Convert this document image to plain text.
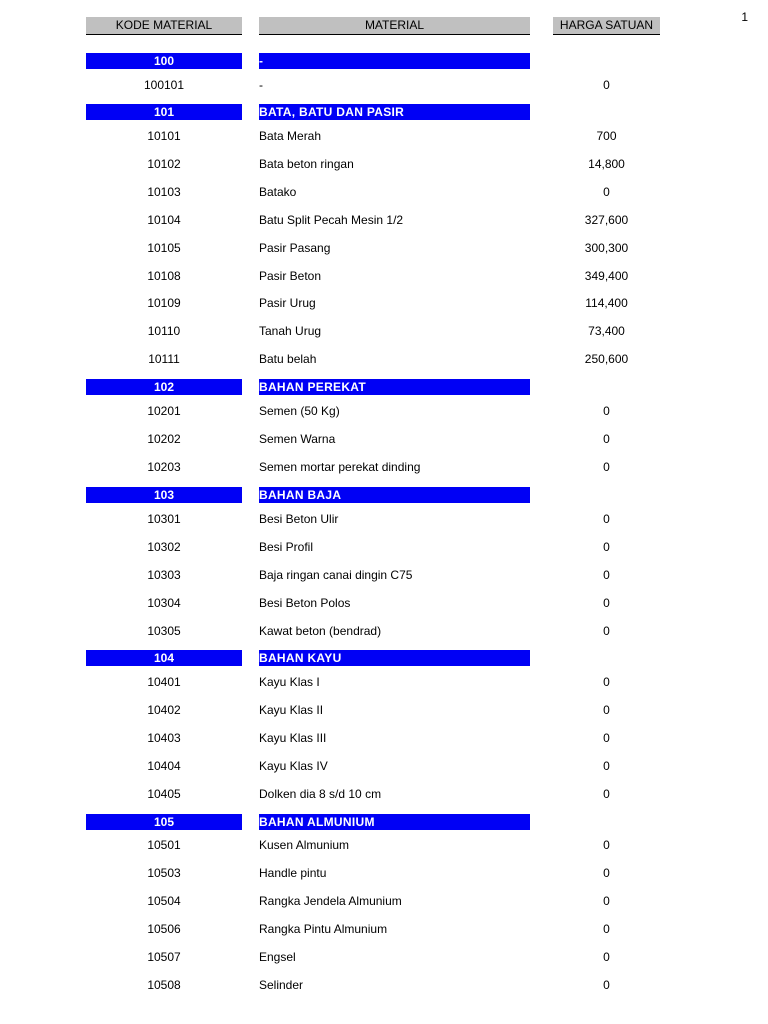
1
KODE MATERIAL	MATERIAL	HARGA SATUAN
100	-
100101	-	0
101	BATA, BATU DAN PASIR
10101	Bata Merah	700
10102	Bata beton ringan	14,800
10103	Batako	0
10104	Batu Split Pecah Mesin 1/2	327,600
10105	Pasir Pasang	300,300
10108	Pasir Beton	349,400
10109	Pasir Urug	114,400
10110	Tanah Urug	73,400
10111	Batu belah	250,600
102	BAHAN PEREKAT
10201	Semen (50 Kg)	0
10202	Semen Warna	0
10203	Semen mortar perekat dinding	0
103	BAHAN BAJA
10301	Besi Beton Ulir	0
10302	Besi Profil	0
10303	Baja ringan canai dingin C75	0
10304	Besi Beton Polos	0
10305	Kawat beton (bendrad)	0
104	BAHAN KAYU
10401	Kayu Klas I	0
10402	Kayu Klas II	0
10403	Kayu Klas III	0
10404	Kayu Klas IV	0
10405	Dolken dia 8 s/d 10 cm	0
105	BAHAN ALMUNIUM
10501	Kusen Almunium	0
10503	Handle pintu	0
10504	Rangka Jendela Almunium	0
10506	Rangka Pintu Almunium	0
10507	Engsel	0
10508	Selinder	0
